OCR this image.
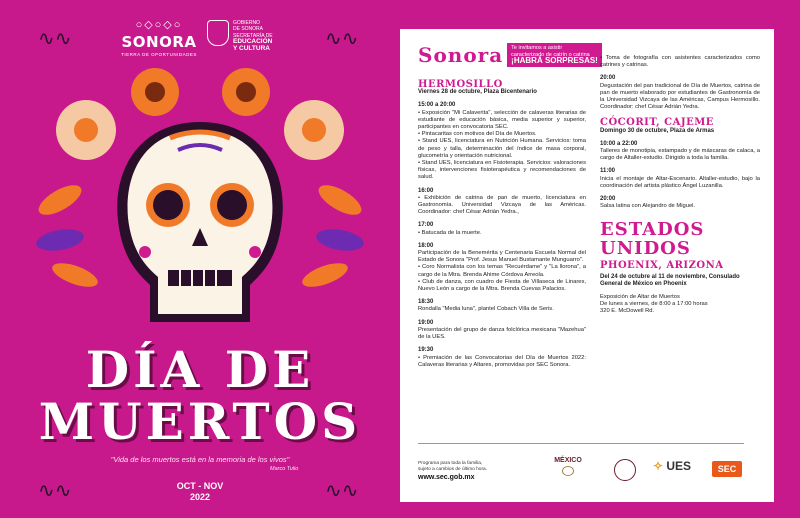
○◇○◇○
SONORA
TIERRA DE OPORTUNIDADES
GOBIERNO
DE SONORA
SECRETARÍA DE
EDUCACIÓN
Y CULTURA
∿∿	∿∿
∿∿	∿∿
DÍA DE
MUERTOS
"Vida de los muertos está en la memoria de los vivos"
Marco Tulio
OCT - NOV
2022
Sonora Te invitamos a asistir
caracterizado de catrín o catrina
¡HABRÁ SORPRESAS!
HERMOSILLO
Viernes 28 de octubre, Plaza Bicentenario
15:00 a 20:00
• Exposición "Mi Calaverita", selección de calaveras literarias de estudiante de educación básica, media superior y superior, participantes en convocatoria SEC.
• Pintacaritas con motivos del Día de Muertos.
• Stand UES, licenciatura en Nutrición Humana. Servicios: toma de peso y talla, determinación del índice de masa corporal, glucometría y orientación nutricional.
• Stand UES, licenciatura en Fisioterapia. Servicios: valoraciones físicas, intervenciones fisioterapéutica y recomendaciones de salud.
16:00
• Exhibición de catrina de pan de muerto, licenciatura en Gastronomía. Universidad Vizcaya de las Américas. Coordinador: chef César Adrián Yedra.,
17:00
• Batucada de la muerte.
18:00
Participación de la Benemérita y Centenaria Escuela Normal del Estado de Sonora "Prof. Jesus Manuel Bustamante Munguarro".
• Coro Normalista con los temas "Recuérdame" y "La llorona", a cargo de la Mtra. Brenda Ahime Córdova Arreola.
• Club de danza, con cuadro de Fiesta de Villaseca de Linares, Nuevo León a cargo de la Mtra. Brenda Cuevas Palacios.
18:30
Rondalla "Media luna", plantel Cobach Villa de Seris.
19:00
Presentación del grupo de danza folclórica mexicana "Mazehua" de la UES.
19:30
• Premiación de las Convocatorias del Día de Muertos 2022: Calaveras literarias y Altares, promovidas por SEC Sonora.
• Toma de fotografía con asistentes caracterizados como catrines y catrinas.
20:00
Degustación del pan tradicional de Día de Muertos, catrina de pan de muerto elaborado por estudiantes de Gastronomía de la Universidad Vizcaya de las Américas, Campus Hermosillo. Coordinador: chef César Adrián Yedra.
CÓCORIT, CAJEME
Domingo 30 de octubre, Plaza de Armas
10:00 a 22:00
Talleres de monotipia, estampado y de máscaras de calaca, a cargo de Altaller-estudio. Dirigido a toda la familia.
11:00
Inicia el montaje de Altar-Escenario. Altaller-estudio, bajo la coordinación del artista plástico Ángel Luzanilla.
20:00
Salsa latina con Alejandro de Miguel.
ESTADOS
UNIDOS
PHOENIX, ARIZONA
Del 24 de octubre al 11 de noviembre, Consulado General de México en Phoenix
Exposición de Altar de Muertos
De lunes a viernes, de 8:00 a 17:00 horas
320 E. McDowell Rd.
Programa para toda la familia,
sujeto a cambios de último hora.
www.sec.gob.mx
MÉXICO	✧ UES	SEC
